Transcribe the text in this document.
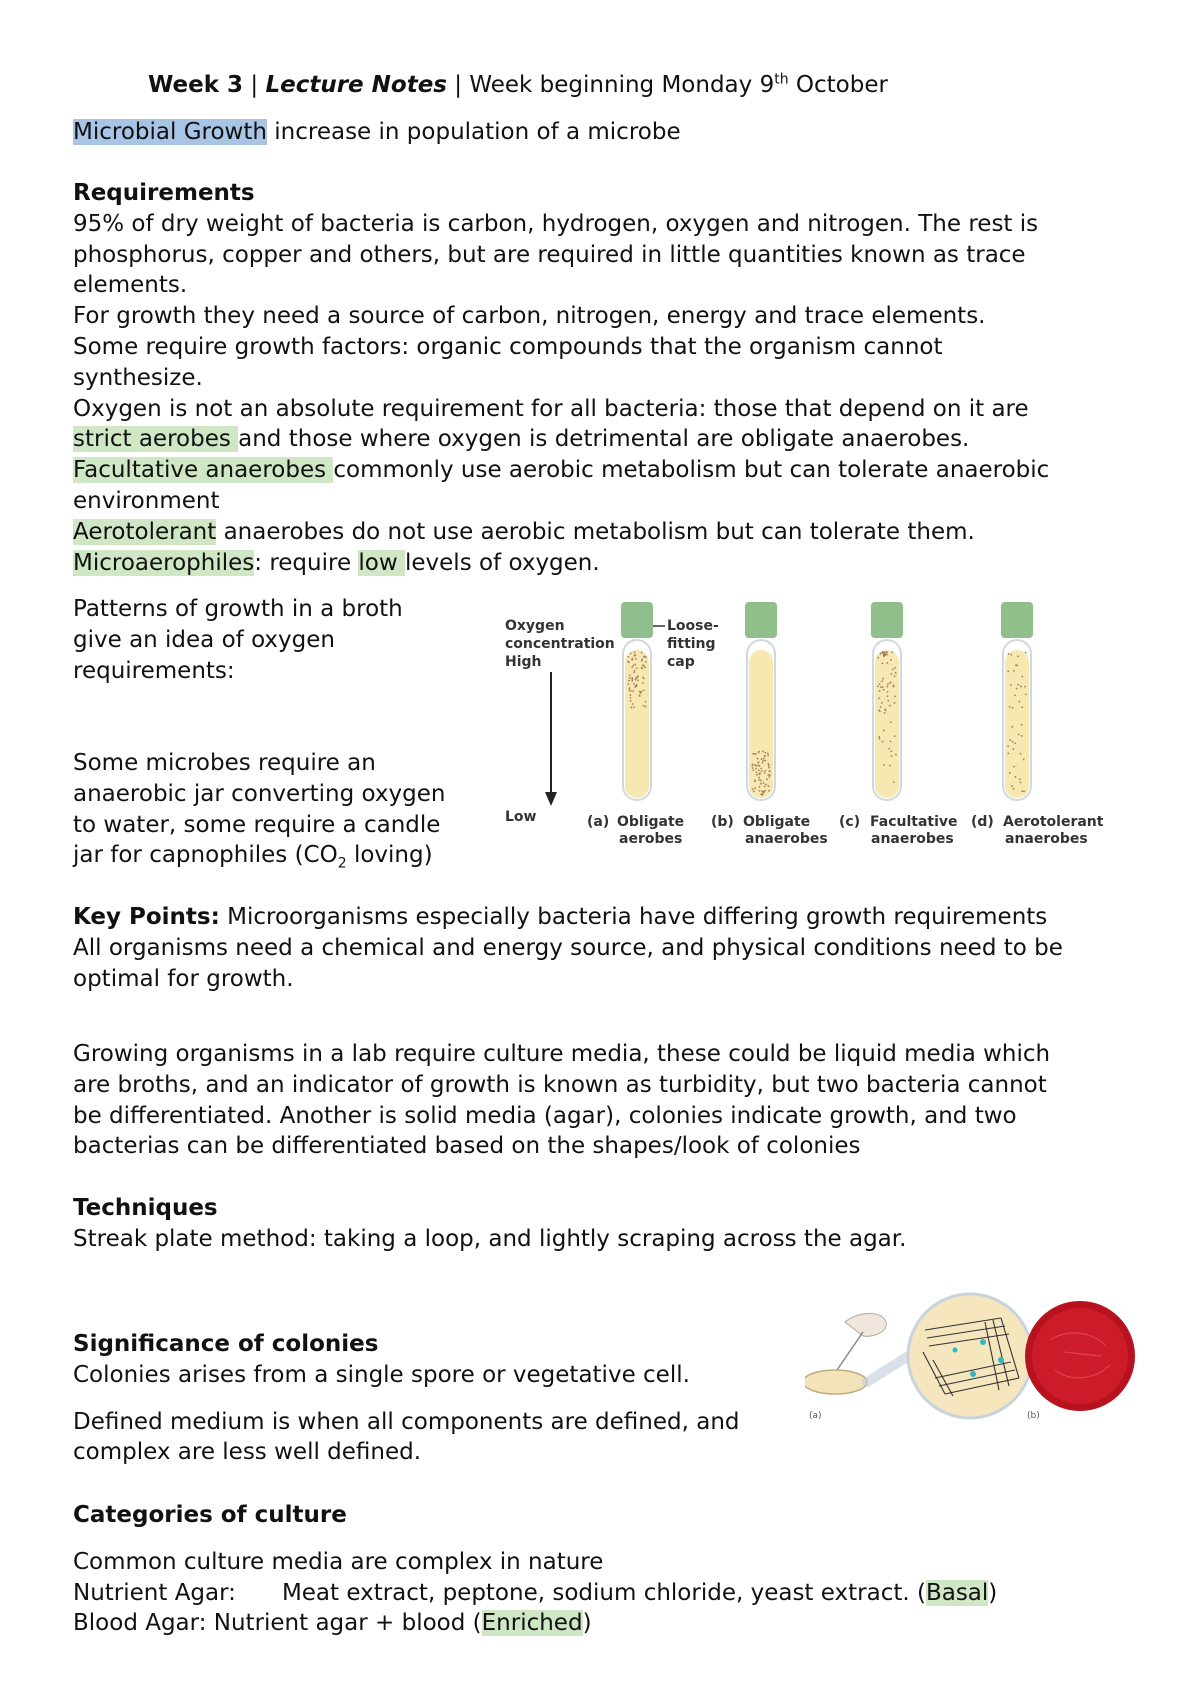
Week 3 | Lecture Notes | Week beginning Monday 9th October

Microbial Growth increase in population of a microbe

Requirements

95% of dry weight of bacteria is carbon, hydrogen, oxygen and nitrogen. The rest is

phosphorus, copper and others, but are required in little quantities known as trace

elements.

For growth they need a source of carbon, nitrogen, energy and trace elements.

Some require growth factors: organic compounds that the organism cannot

synthesize.

Oxygen is not an absolute requirement for all bacteria: those that depend on it are

strict aerobes and those where oxygen is detrimental are obligate anaerobes.

Facultative anaerobes commonly use aerobic metabolism but can tolerate anaerobic

environment

Aerotolerant anaerobes do not use aerobic metabolism but can tolerate them.

Microaerophiles: require low levels of oxygen.

Patterns of growth in a broth

give an idea of oxygen

requirements:

Some microbes require an

anaerobic jar converting oxygen

to water, some require a candle

jar for capnophiles ($CO_2$ loving)

Oxygen
concentration
High
Low
Loose-
fitting
cap
(a) Obligate
aerobes
(b) Obligate
anaerobes
(c) Facultative
anaerobes
(d) Aerotolerant
anaerobes

Key Points: Microorganisms especially bacteria have differing growth requirements

All organisms need a chemical and energy source, and physical conditions need to be

optimal for growth.

Growing organisms in a lab require culture media, these could be liquid media which

are broths, and an indicator of growth is known as turbidity, but two bacteria cannot

be differentiated. Another is solid media (agar), colonies indicate growth, and two

bacterias can be differentiated based on the shapes/look of colonies

Techniques

Streak plate method: taking a loop, and lightly scraping across the agar.

Significance of colonies

Colonies arises from a single spore or vegetative cell.

Defined medium is when all components are defined, and

complex are less well defined.

(a)	(b)

Categories of culture

Common culture media are complex in nature

Nutrient Agar: Meat extract, peptone, sodium chloride, yeast extract. (Basal)

Blood Agar: Nutrient agar + blood (Enriched)
